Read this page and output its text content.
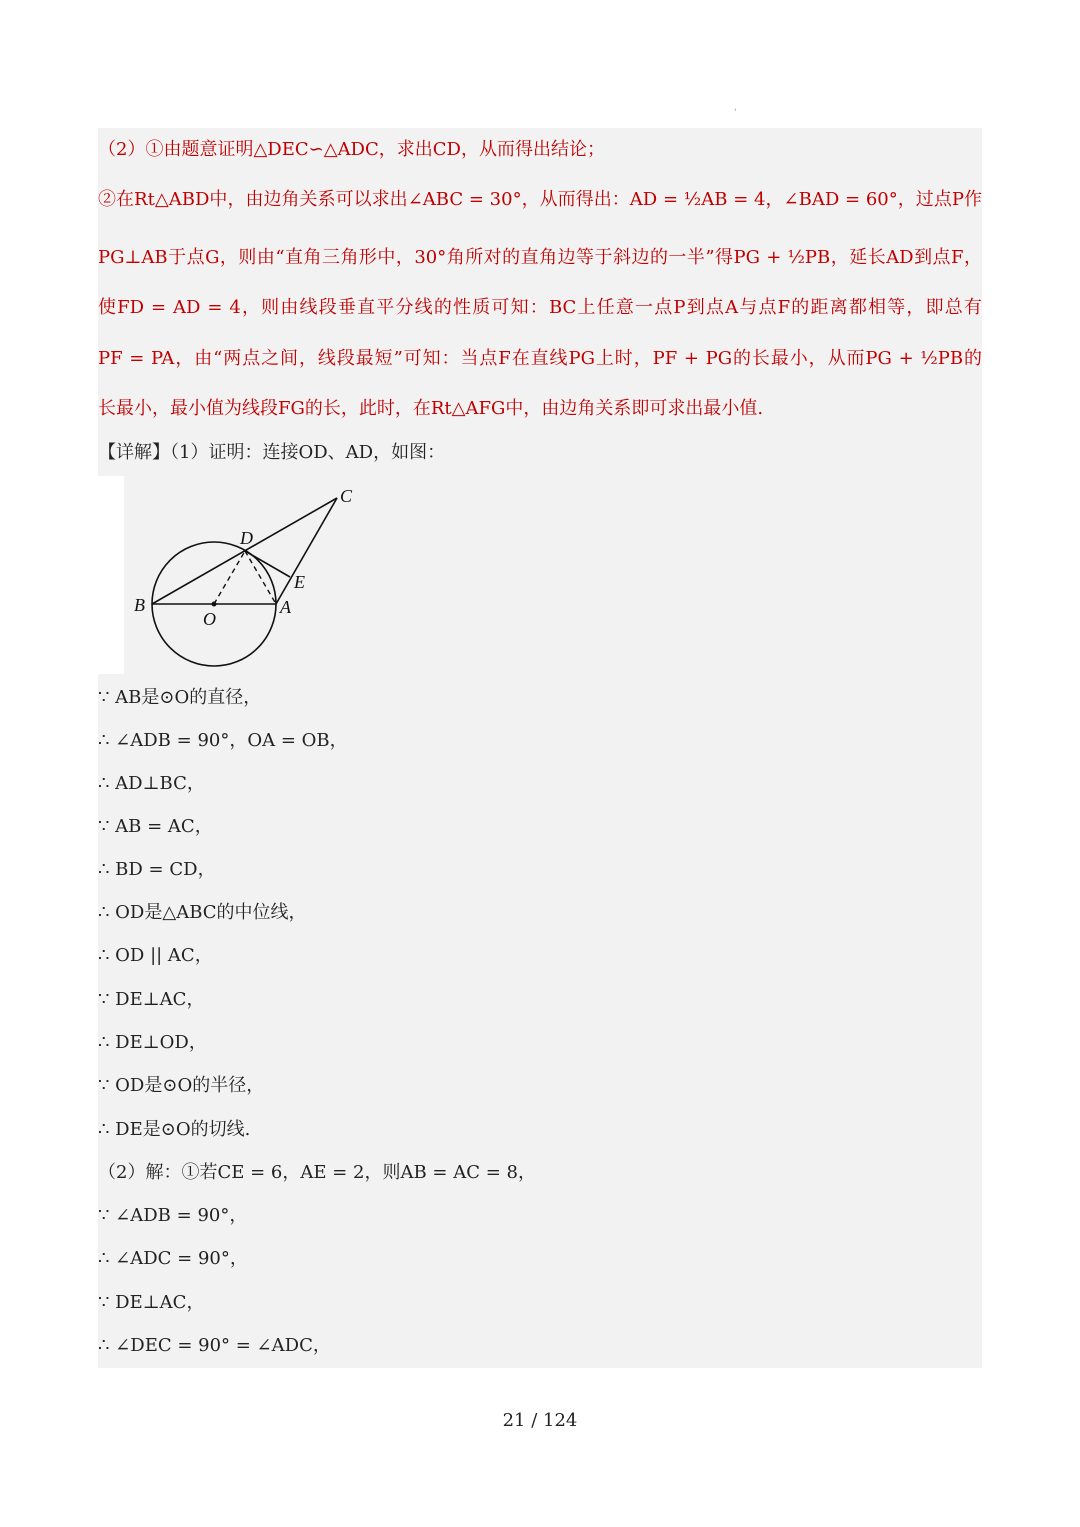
'
（2）①由题意证明△DEC∽△ADC，求出CD，从而得出结论；
②在Rt△ABD中，由边角关系可以求出∠ABC = 30°，从而得出：AD = ½AB = 4，∠BAD = 60°，过点P作
PG⊥AB于点G，则由“直角三角形中，30°角所对的直角边等于斜边的一半”得PG + ½PB，延长AD到点F，
使FD = AD = 4，则由线段垂直平分线的性质可知：BC上任意一点P到点A与点F的距离都相等，即总有
PF = PA，由“两点之间，线段最短”可知：当点F在直线PG上时，PF + PG的长最小，从而PG + ½PB的
长最小，最小值为线段FG的长，此时，在Rt△AFG中，由边角关系即可求出最小值.
【详解】（1）证明：连接OD、AD，如图：
C
D
E
B	A
O
∵ AB是⊙O的直径，
∴ ∠ADB = 90°，OA = OB，
∴ AD⊥BC，
∵ AB = AC，
∴ BD = CD，
∴ OD是△ABC的中位线，
∴ OD || AC，
∵ DE⊥AC，
∴ DE⊥OD，
∵ OD是⊙O的半径，
∴ DE是⊙O的切线.
（2）解：①若CE = 6，AE = 2，则AB = AC = 8，
∵ ∠ADB = 90°，
∴ ∠ADC = 90°，
∵ DE⊥AC，
∴ ∠DEC = 90° = ∠ADC，
21 / 124
